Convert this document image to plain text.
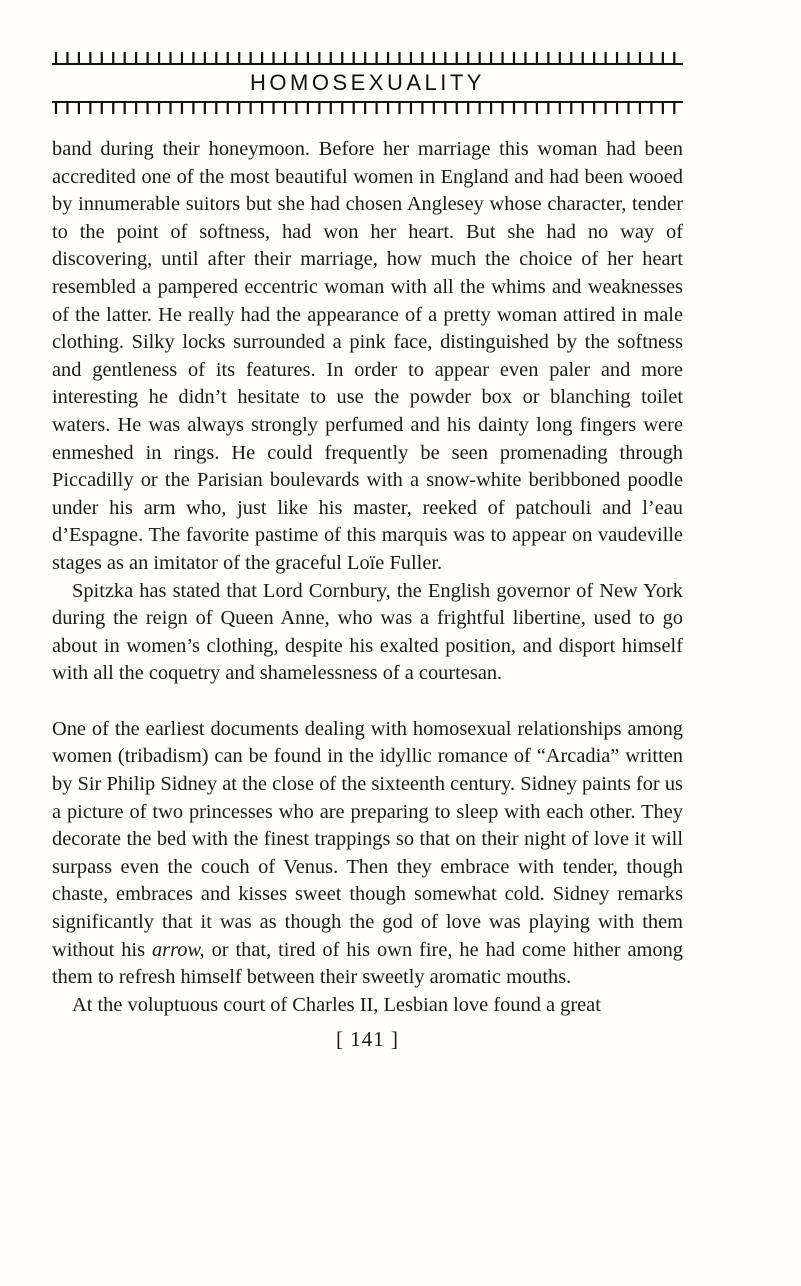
HOMOSEXUALITY

band during their honeymoon. Before her marriage this woman had been accredited one of the most beautiful women in England and had been wooed by innumerable suitors but she had chosen Anglesey whose character, tender to the point of softness, had won her heart. But she had no way of discovering, until after their marriage, how much the choice of her heart resembled a pampered eccentric woman with all the whims and weaknesses of the latter. He really had the appearance of a pretty woman attired in male clothing. Silky locks surrounded a pink face, distinguished by the softness and gentleness of its features. In order to appear even paler and more interesting he didn’t hesitate to use the powder box or blanching toilet waters. He was always strongly perfumed and his dainty long fingers were enmeshed in rings. He could frequently be seen promenading through Piccadilly or the Parisian boulevards with a snow-white beribboned poodle under his arm who, just like his master, reeked of patchouli and l’eau d’Espagne. The favorite pastime of this marquis was to appear on vaudeville stages as an imitator of the graceful Loïe Fuller.

Spitzka has stated that Lord Cornbury, the English governor of New York during the reign of Queen Anne, who was a frightful libertine, used to go about in women’s clothing, despite his exalted position, and disport himself with all the coquetry and shamelessness of a courtesan.

One of the earliest documents dealing with homosexual relationships among women (tribadism) can be found in the idyllic romance of “Arcadia” written by Sir Philip Sidney at the close of the sixteenth century. Sidney paints for us a picture of two princesses who are preparing to sleep with each other. They decorate the bed with the finest trappings so that on their night of love it will surpass even the couch of Venus. Then they embrace with tender, though chaste, embraces and kisses sweet though somewhat cold. Sidney remarks significantly that it was as though the god of love was playing with them without his arrow, or that, tired of his own fire, he had come hither among them to refresh himself between their sweetly aromatic mouths.

At the voluptuous court of Charles II, Lesbian love found a great

[ 141 ]
